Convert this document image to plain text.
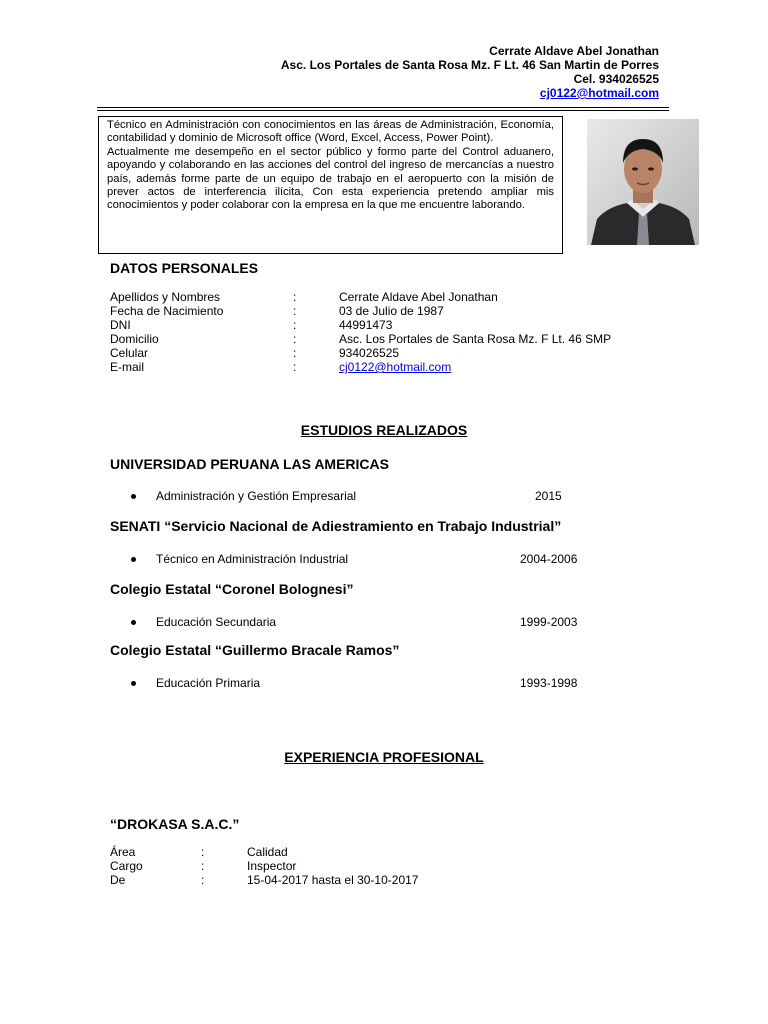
Cerrate Aldave Abel Jonathan
Asc. Los Portales de Santa Rosa Mz. F Lt. 46 San Martin de Porres
Cel. 934026525
cj0122@hotmail.com

Técnico en Administración con conocimientos en las áreas de Administración, Economía, contabilidad y dominio de Microsoft office (Word, Excel, Access, Power Point).

Actualmente me desempeño en el sector público y formo parte del Control aduanero, apoyando y colaborando en las acciones del control del ingreso de mercancías a nuestro país, además forme parte de un equipo de trabajo en el aeropuerto con la misión de prever actos de interferencia ilícita, Con esta experiencia pretendo ampliar mis conocimientos y poder colaborar con la empresa en la que me encuentre laborando.

DATOS PERSONALES
Apellidos y Nombres	:	Cerrate Aldave Abel Jonathan
Fecha de Nacimiento	:	03 de Julio de 1987
DNI	:	44991473
Domicilio	:	Asc. Los Portales de Santa Rosa Mz. F Lt. 46 SMP
Celular	:	934026525
E-mail	:	cj0122@hotmail.com
ESTUDIOS REALIZADOS
UNIVERSIDAD PERUANA LAS AMERICAS
Administración y Gestión Empresarial	2015
SENATI “Servicio Nacional de Adiestramiento en Trabajo Industrial”
Técnico en Administración Industrial	2004-2006
Colegio Estatal “Coronel Bolognesi”
Educación Secundaria	1999-2003
Colegio Estatal “Guillermo Bracale Ramos”
Educación Primaria	1993-1998
EXPERIENCIA PROFESIONAL
“DROKASA S.A.C.”
Área	:	Calidad
Cargo	:	Inspector
De	:	15-04-2017 hasta el 30-10-2017
